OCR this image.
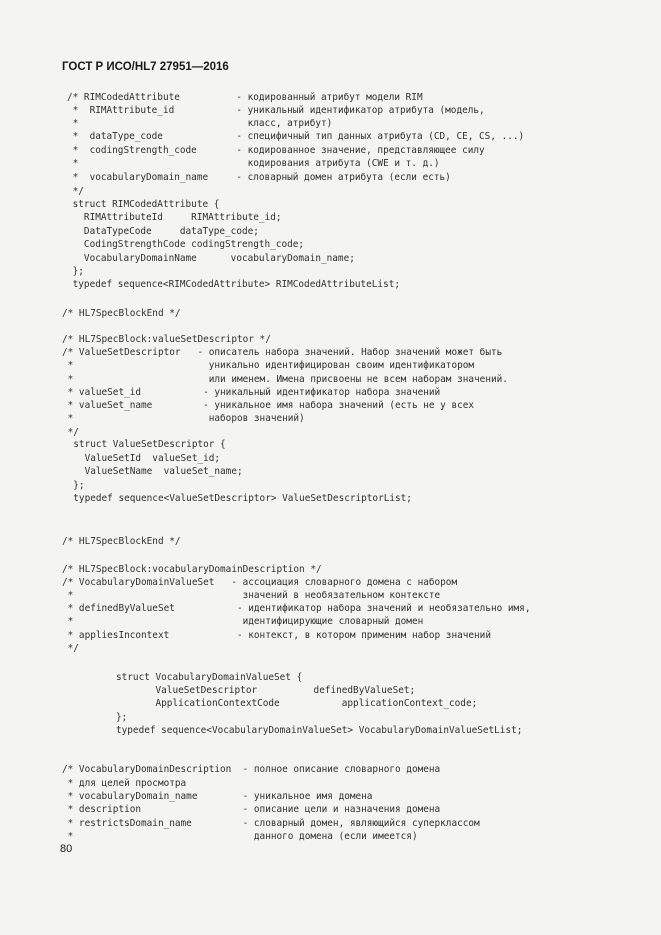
ГОСТ Р ИСО/HL7 27951—2016
/* RIMCodedAttribute          - кодированный атрибут модели RIM
*  RIMAttribute_id           - уникальный идентификатор атрибута (модель,
*                              класс, атрибут)
*  dataType_code             - специфичный тип данных атрибута (CD, CE, CS, ...)
*  codingStrength_code       - кодированное значение, представляющее силу
*                              кодирования атрибута (CWE и т. д.)
*  vocabularyDomain_name     - словарный домен атрибута (если есть)
*/
struct RIMCodedAttribute {
RIMAttributeId     RIMAttribute_id;
DataTypeCode     dataType_code;
CodingStrengthCode codingStrength_code;
VocabularyDomainName      vocabularyDomain_name;
};
typedef sequence<RIMCodedAttribute> RIMCodedAttributeList;
/* HL7SpecBlockEnd */
/* HL7SpecBlock:valueSetDescriptor */
/* ValueSetDescriptor   - описатель набора значений. Набор значений может быть
*                        уникально идентифицирован своим идентификатором
*                        или именем. Имена присвоены не всем наборам значений.
* valueSet_id           - уникальный идентификатор набора значений
* valueSet_name         - уникальное имя набора значений (есть не у всех
*                        наборов значений)
*/
struct ValueSetDescriptor {
ValueSetId  valueSet_id;
ValueSetName  valueSet_name;
};
typedef sequence<ValueSetDescriptor> ValueSetDescriptorList;
/* HL7SpecBlockEnd */
/* HL7SpecBlock:vocabularyDomainDescription */
/* VocabularyDomainValueSet   - ассоциация словарного домена с набором
*                              значений в необязательном контексте
* definedByValueSet           - идентификатор набора значений и необязательно имя,
*                              идентифицирующие словарный домен
* appliesIncontext            - контекст, в котором применим набор значений
*/
struct VocabularyDomainValueSet {
ValueSetDescriptor          definedByValueSet;
ApplicationContextCode           applicationContext_code;
};
typedef sequence<VocabularyDomainValueSet> VocabularyDomainValueSetList;
/* VocabularyDomainDescription  - полное описание словарного домена
* для целей просмотра
* vocabularyDomain_name        - уникальное имя домена
* description                  - описание цели и назначения домена
* restrictsDomain_name         - словарный домен, являющийся суперклассом
*                                данного домена (если имеется)
80
